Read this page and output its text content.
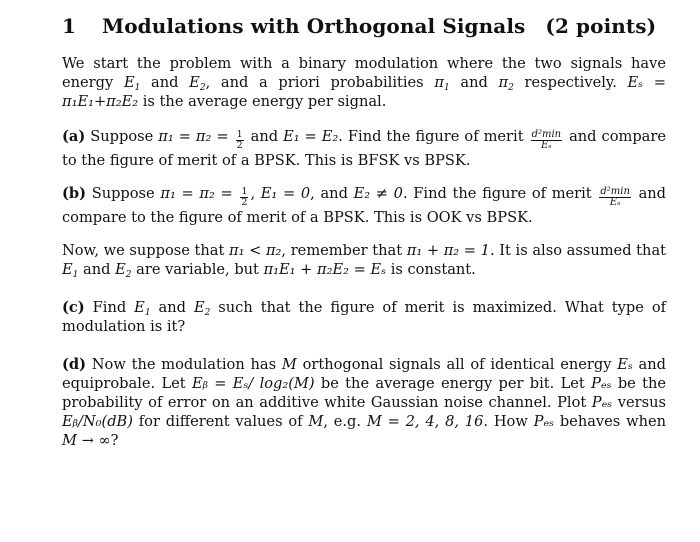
1 Modulations with Orthogonal Signals (2 points)
We start the problem with a binary modulation where the two signals have energy $E_1$ and $E_2$, and a priori probabilities $\pi_1$ and $\pi_2$ respectively. Eₛ = π₁E₁+π₂E₂ is the average energy per signal.
(a) Suppose $\pi_1 = \pi_2 = \frac{1}{2}$ and E₁ = E₂. Find the figure of merit $\frac{\text{d²min}}{\text{Eₛ}}$ and compare to the figure of merit of a BPSK. This is BFSK vs BPSK.
(b) Suppose $\pi_1 = \pi_2 = \frac{1}{2}$ , E₁ = 0, and E₂ ≠ 0. Find the figure of merit $\frac{\text{d²min}}{\text{Eₛ}}$ and compare to the figure of merit of a BPSK. This is OOK vs BPSK.
Now, we suppose that π₁ < π₂, remember that π₁ + π₂ = 1. It is also assumed that $E_1$ and $E_2$ are variable, but π₁E₁ + π₂E₂ = Eₛ is constant.
(c) Find $E_1$ and $E_2$ such that the figure of merit is maximized. What type of modulation is it?
(d) Now the modulation has M orthogonal signals all of identical energy Eₛ and equiprobale. Let Eᵦ = Eₛ/ log₂(M) be the average energy per bit. Let Pₑₛ be the probability of error on an additive white Gaussian noise channel. Plot Pₑₛ versus Eᵦ/N₀(dB) for different values of M, e.g. M = 2, 4, 8, 16. How Pₑₛ behaves when M → ∞?
